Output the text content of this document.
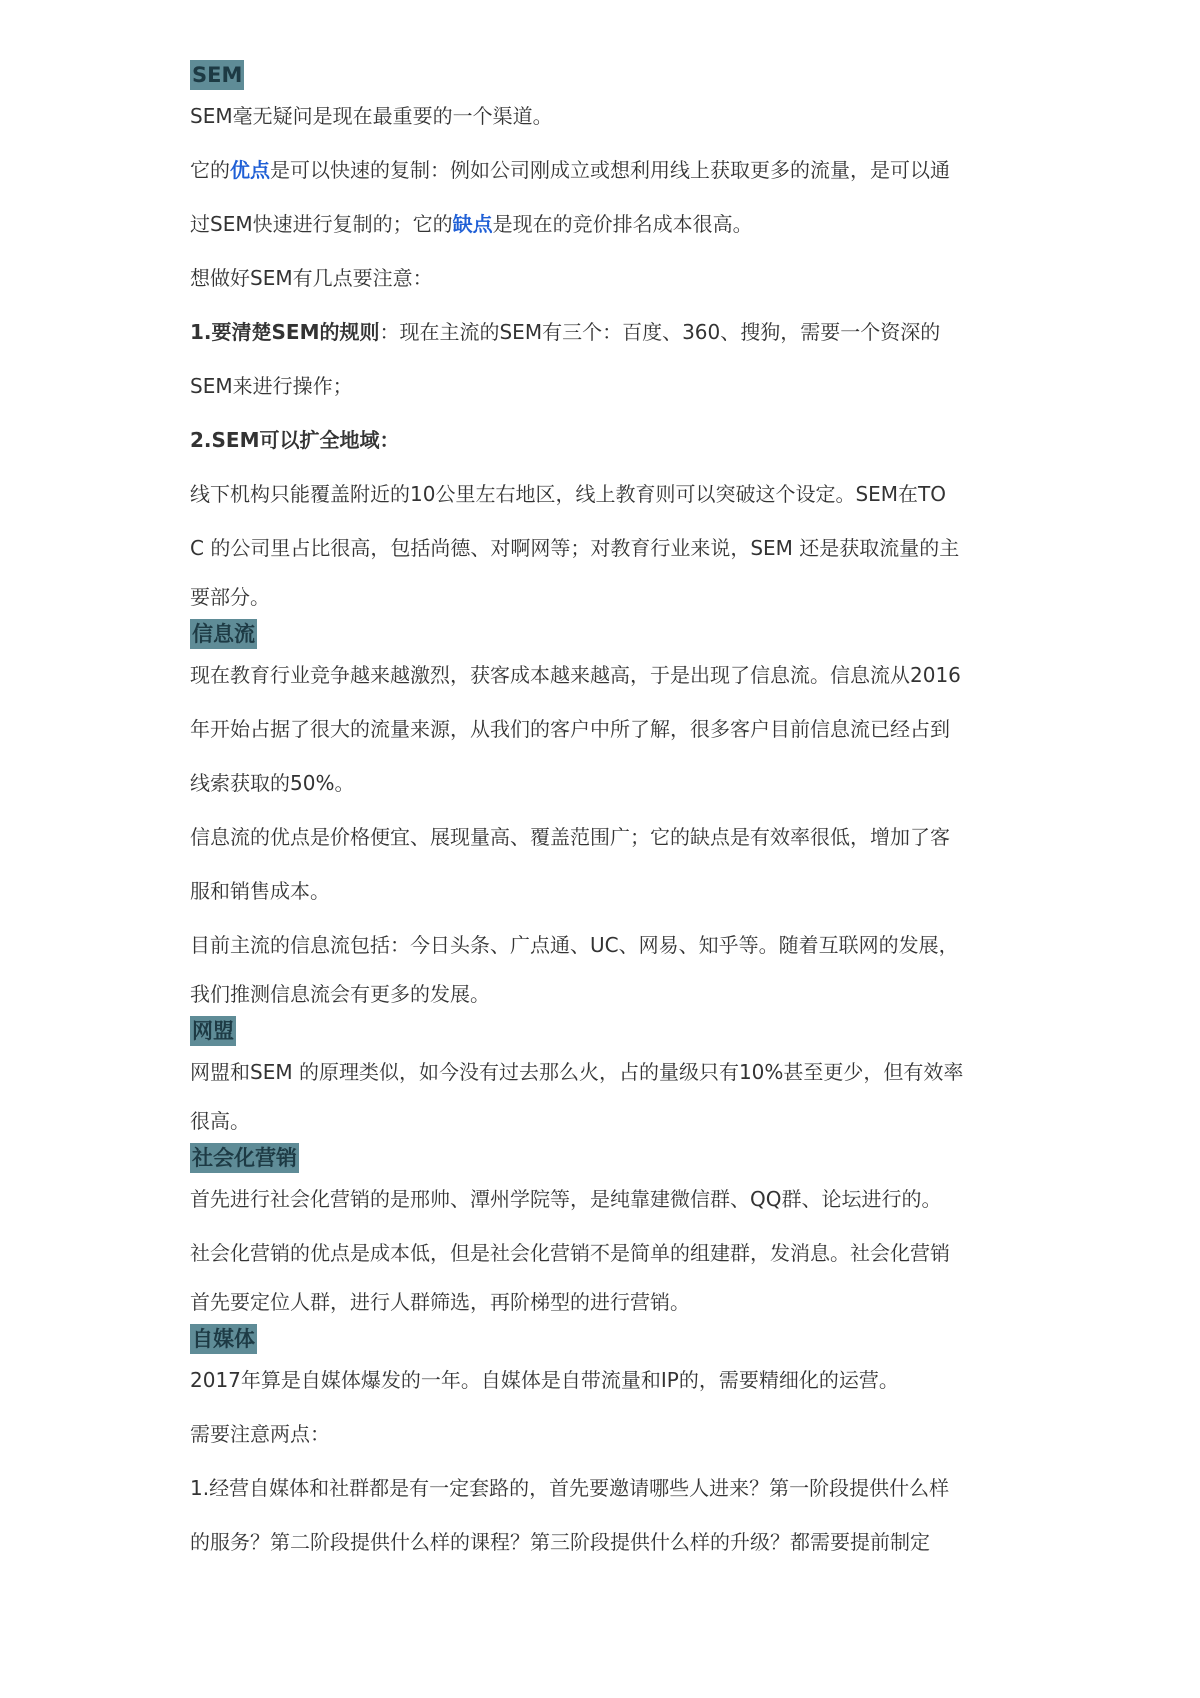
SEM

SEM毫无疑问是现在最重要的一个渠道。

它的优点是可以快速的复制：例如公司刚成立或想利用线上获取更多的流量，是可以通

过SEM快速进行复制的；它的缺点是现在的竞价排名成本很高。

想做好SEM有几点要注意：

1.要清楚SEM的规则：现在主流的SEM有三个：百度、360、搜狗，需要一个资深的

SEM来进行操作；

2.SEM可以扩全地域：

线下机构只能覆盖附近的10公里左右地区，线上教育则可以突破这个设定。SEM在TO

C 的公司里占比很高，包括尚德、对啊网等；对教育行业来说，SEM 还是获取流量的主

要部分。

信息流

现在教育行业竞争越来越激烈，获客成本越来越高，于是出现了信息流。信息流从2016

年开始占据了很大的流量来源，从我们的客户中所了解，很多客户目前信息流已经占到

线索获取的50%。

信息流的优点是价格便宜、展现量高、覆盖范围广；它的缺点是有效率很低，增加了客

服和销售成本。

目前主流的信息流包括：今日头条、广点通、UC、网易、知乎等。随着互联网的发展，

我们推测信息流会有更多的发展。

网盟

网盟和SEM 的原理类似，如今没有过去那么火，占的量级只有10%甚至更少，但有效率

很高。

社会化营销

首先进行社会化营销的是邢帅、潭州学院等，是纯靠建微信群、QQ群、论坛进行的。

社会化营销的优点是成本低，但是社会化营销不是简单的组建群，发消息。社会化营销

首先要定位人群，进行人群筛选，再阶梯型的进行营销。

自媒体

2017年算是自媒体爆发的一年。自媒体是自带流量和IP的，需要精细化的运营。

需要注意两点：

1.经营自媒体和社群都是有一定套路的，首先要邀请哪些人进来？第一阶段提供什么样

的服务？第二阶段提供什么样的课程？第三阶段提供什么样的升级？都需要提前制定
